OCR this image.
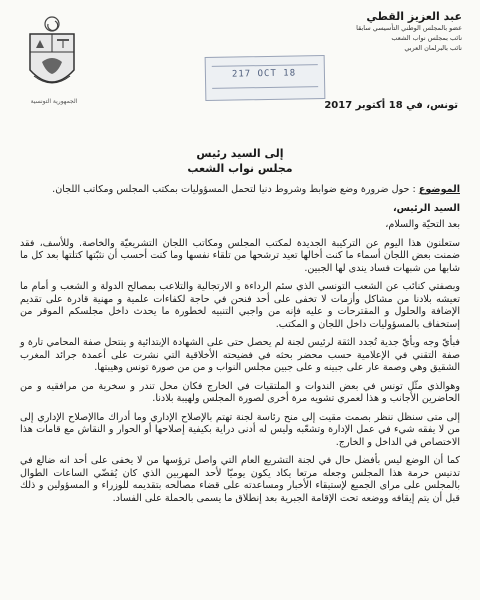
الجمهورية التونسية
عبد العزيز القطي
عضو بالمجلس الوطني التأسيسي سابقا
نائب بمجلس نواب الشعب
نائب بالبرلمان العربي
217 OCT 18
تونس، في 18 أكتوبر 2017
إلى السيد رئيس
مجلس نواب الشعب
الموضوع : حول ضرورة وضع ضوابط وشروط دنيا لتحمل المسؤوليات بمكتب المجلس ومكاتب اللجان.
السيد الرئيس،

بعد التحيّة والسلام،

ستعلنون هذا اليوم عن التركيبة الجديدة لمكتب المجلس ومكاتب اللجان التشريعيّة والخاصة. وللأسف، فقد ضمنت بعض اللجان أسماء ما كنت أخالها تعيد ترشحها من تلقاء نفسها وما كنت أحسب أن نثبّتها كتلتها بعد كل ما شابها من شبهات فساد يندى لها الجبين.

وبصفتي كنائب عن الشعب التونسي الذي سئم الرداءة و الارتجالية والتلاعب بمصالح الدولة و الشعب و أمام ما تعيشه بلادنا من مشاكل وأزمات لا تخفى على أحد فنحن في حاجة لكفاءات علمية و مهنية قادرة على تقديم الإضافة والحلول و المقترحات و عليه فإنه من واجبي التنبيه لخطورة ما يحدث داخل مجلسكم الموقر من إستخفاف بالمسؤوليات داخل اللجان و المكتب.

فبأيّ وجه وبأيّ جدية تُجدد الثقة لرئيس لجنة لم يحصل حتى على الشهادة الإبتدائية و ينتحل صفة المحامي تارة و صفة التقني في الإعلامية حسب محضر بحثه في فضيحته الأخلاقية التي نشرت على أعمدة جرائد المغرب الشقيق وهي وصمة عار على جبينه و على جبين مجلس النواب و من من صورة تونس وهيبتها.

وهوالذي مثّل تونس في بعض الندوات و الملتقيات في الخارج فكان محل تندر و سخرية من مرافقيه و من الحاضرين الأجانب و هذا لعمري تشويه مرة أخرى لصورة المجلس ولهيبة بلادنا.

إلى متى سنظل ننظر بصمت مقيت إلى منح رئاسة لجنة تهتم بالإصلاح الإداري وما أدراك ماالإصلاح الإداري إلى من لا يفقه شيء في عمل الإدارة وتشعّبه وليس له أدنى دراية بكيفية إصلاحها أو الحوار و النقاش مع قامات هذا الاختصاص في الداخل و الخارج.

كما أن الوضع ليس بأفضل حال في لجنة التشريع العام التي واصل ترؤسها من لا يخفى على أحد انه ضالع في تدنيس حرمة هذا المجلس وجعله مرتعا يكاد يكون يوميّا لأحد المهربين الذي كان يُقضّي الساعات الطوال بالمجلس على مراى الجميع لإستيقاء الأخبار ومساعدته على قضاء مصالحه بتقديمه للوزراء و المسؤولين و ذلك قبل أن يتم إيقافه ووضعه تحت الإقامة الجبرية بعد إنطلاق ما يسمى بالحملة على الفساد.
